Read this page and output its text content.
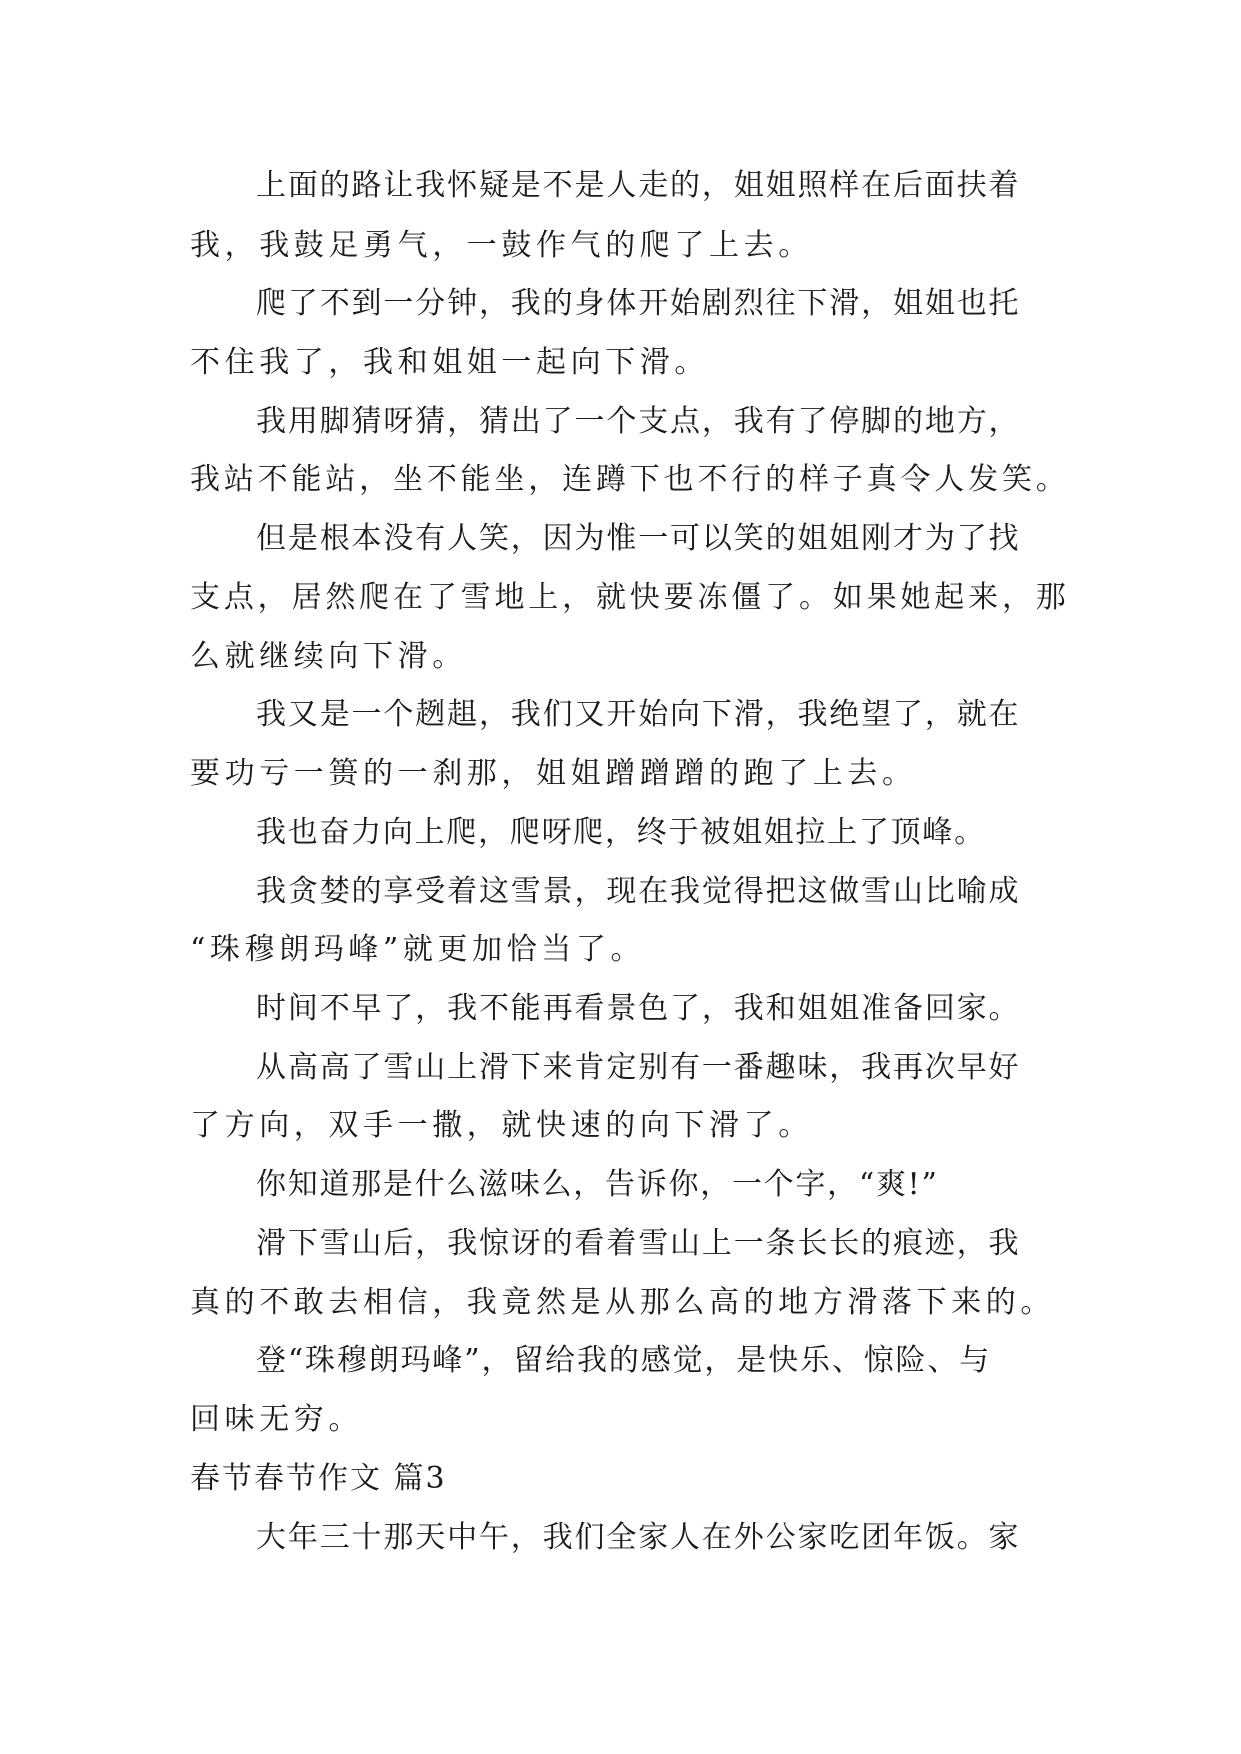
上面的路让我怀疑是不是人走的，姐姐照样在后面扶着
我，我鼓足勇气，一鼓作气的爬了上去。
爬了不到一分钟，我的身体开始剧烈往下滑，姐姐也托
不住我了，我和姐姐一起向下滑。
我用脚猜呀猜，猜出了一个支点，我有了停脚的地方，
我站不能站，坐不能坐，连蹲下也不行的样子真令人发笑。
但是根本没有人笑，因为惟一可以笑的姐姐刚才为了找
支点，居然爬在了雪地上，就快要冻僵了。如果她起来，那
么就继续向下滑。
我又是一个趔趄，我们又开始向下滑，我绝望了，就在
要功亏一篑的一刹那，姐姐蹭蹭蹭的跑了上去。
我也奋力向上爬，爬呀爬，终于被姐姐拉上了顶峰。
我贪婪的享受着这雪景，现在我觉得把这做雪山比喻成
“珠穆朗玛峰”就更加恰当了。
时间不早了，我不能再看景色了，我和姐姐准备回家。
从高高了雪山上滑下来肯定别有一番趣味，我再次早好
了方向，双手一撒，就快速的向下滑了。
你知道那是什么滋味么，告诉你，一个字，“爽!”
滑下雪山后，我惊讶的看着雪山上一条长长的痕迹，我
真的不敢去相信，我竟然是从那么高的地方滑落下来的。
登“珠穆朗玛峰”，留给我的感觉，是快乐、惊险、与
回味无穷。
春节春节作文 篇3
大年三十那天中午，我们全家人在外公家吃团年饭。家
